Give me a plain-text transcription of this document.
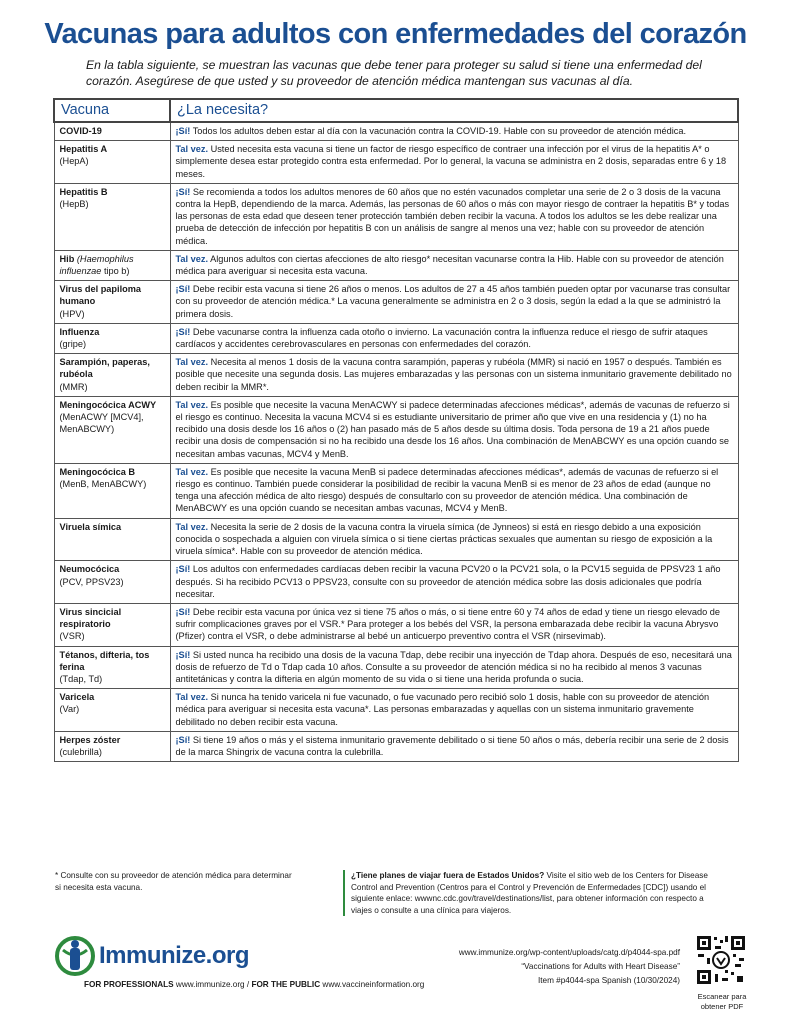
Vacunas para adultos con enfermedades del corazón
En la tabla siguiente, se muestran las vacunas que debe tener para proteger su salud si tiene una enfermedad del corazón. Asegúrese de que usted y su proveedor de atención médica mantengan sus vacunas al día.
Vacuna	¿La necesita?
COVID-19	¡Sí! Todos los adultos deben estar al día con la vacunación contra la COVID-19. Hable con su proveedor de atención médica.
Hepatitis A
(HepA)	Tal vez. Usted necesita esta vacuna si tiene un factor de riesgo específico de contraer una infección por el virus de la hepatitis A* o simplemente desea estar protegido contra esta enfermedad. Por lo general, la vacuna se administra en 2 dosis, separadas entre 6 y 18 meses.
Hepatitis B
(HepB)	¡Sí! Se recomienda a todos los adultos menores de 60 años que no estén vacunados completar una serie de 2 o 3 dosis de la vacuna contra la HepB, dependiendo de la marca. Además, las personas de 60 años o más con mayor riesgo de contraer la hepatitis B* y todas las personas de esta edad que deseen tener protección también deben recibir la vacuna. A todos los adultos se les debe realizar una prueba de detección de infección por hepatitis B con un análisis de sangre al menos una vez; hable con su proveedor de atención médica.
Hib (Haemophilus influenzae tipo b)	Tal vez. Algunos adultos con ciertas afecciones de alto riesgo* necesitan vacunarse contra la Hib. Hable con su proveedor de atención médica para averiguar si necesita esta vacuna.
Virus del papiloma humano
(HPV)	¡Sí! Debe recibir esta vacuna si tiene 26 años o menos. Los adultos de 27 a 45 años también pueden optar por vacunarse tras consultar con su proveedor de atención médica.* La vacuna generalmente se administra en 2 o 3 dosis, según la edad a la que se administró la primera dosis.
Influenza
(gripe)	¡Sí! Debe vacunarse contra la influenza cada otoño o invierno. La vacunación contra la influenza reduce el riesgo de sufrir ataques cardíacos y accidentes cerebrovasculares en personas con enfermedades del corazón.
Sarampión, paperas, rubéola
(MMR)	Tal vez. Necesita al menos 1 dosis de la vacuna contra sarampión, paperas y rubéola (MMR) si nació en 1957 o después. También es posible que necesite una segunda dosis. Las mujeres embarazadas y las personas con un sistema inmunitario gravemente debilitado no deben recibir la MMR*.
Meningocócica ACWY
(MenACWY [MCV4], MenABCWY)	Tal vez. Es posible que necesite la vacuna MenACWY si padece determinadas afecciones médicas*, además de vacunas de refuerzo si el riesgo es continuo. Necesita la vacuna MCV4 si es estudiante universitario de primer año que vive en una residencia y (1) no ha recibido una dosis desde los 16 años o (2) han pasado más de 5 años desde su última dosis. Toda persona de 19 a 21 años puede recibir una dosis de compensación si no ha recibido una desde los 16 años. Una combinación de MenABCWY es una opción cuando se necesitan ambas vacunas, MCV4 y MenB.
Meningocócica B
(MenB, MenABCWY)	Tal vez. Es posible que necesite la vacuna MenB si padece determinadas afecciones médicas*, además de vacunas de refuerzo si el riesgo es continuo. También puede considerar la posibilidad de recibir la vacuna MenB si es menor de 23 años de edad (aunque no tenga una afección médica de alto riesgo) después de consultarlo con su proveedor de atención médica. Una combinación de MenABCWY es una opción cuando se necesitan ambas vacunas, MCV4 y MenB.
Viruela símica	Tal vez. Necesita la serie de 2 dosis de la vacuna contra la viruela símica (de Jynneos) si está en riesgo debido a una exposición conocida o sospechada a alguien con viruela símica o si tiene ciertas prácticas sexuales que aumentan su riesgo de exposición a la viruela símica*. Hable con su proveedor de atención médica.
Neumocócica
(PCV, PPSV23)	¡Sí! Los adultos con enfermedades cardíacas deben recibir la vacuna PCV20 o la PCV21 sola, o la PCV15 seguida de PPSV23 1 año después. Si ha recibido PCV13 o PPSV23, consulte con su proveedor de atención médica sobre las dosis adicionales que podría necesitar.
Virus sincicial respiratorio
(VSR)	¡Sí! Debe recibir esta vacuna por única vez si tiene 75 años o más, o si tiene entre 60 y 74 años de edad y tiene un riesgo elevado de sufrir complicaciones graves por el VSR.* Para proteger a los bebés del VSR, la persona embarazada debe recibir la vacuna Abrysvo (Pfizer) contra el VSR, o debe administrarse al bebé un anticuerpo preventivo contra el VSR (nirsevimab).
Tétanos, difteria, tos ferina
(Tdap, Td)	¡Sí! Si usted nunca ha recibido una dosis de la vacuna Tdap, debe recibir una inyección de Tdap ahora. Después de eso, necesitará una dosis de refuerzo de Td o Tdap cada 10 años. Consulte a su proveedor de atención médica si no ha recibido al menos 3 vacunas antitetánicas y contra la difteria en algún momento de su vida o si tiene una herida profunda o sucia.
Varicela
(Var)	Tal vez. Si nunca ha tenido varicela ni fue vacunado, o fue vacunado pero recibió solo 1 dosis, hable con su proveedor de atención médica para averiguar si necesita esta vacuna*. Las personas embarazadas y aquellas con un sistema inmunitario gravemente debilitado no deben recibir esta vacuna.
Herpes zóster
(culebrilla)	¡Sí! Si tiene 19 años o más y el sistema inmunitario gravemente debilitado o si tiene 50 años o más, debería recibir una serie de 2 dosis de la marca Shingrix de vacuna contra la culebrilla.
* Consulte con su proveedor de atención médica para determinar si necesita esta vacuna.
¿Tiene planes de viajar fuera de Estados Unidos? Visite el sitio web de los Centers for Disease Control and Prevention (Centros para el Control y Prevención de Enfermedades [CDC]) usando el siguiente enlace: wwwnc.cdc.gov/travel/destinations/list, para obtener información con respecto a viajes o consulte a una clínica para viajeros.
Immunize.org
FOR PROFESSIONALS www.immunize.org / FOR THE PUBLIC www.vaccineinformation.org
www.immunize.org/wp-content/uploads/catg.d/p4044-spa.pdf
“Vaccinations for Adults with Heart Disease”
Item #p4044-spa Spanish (10/30/2024)
Escanear para obtener PDF
